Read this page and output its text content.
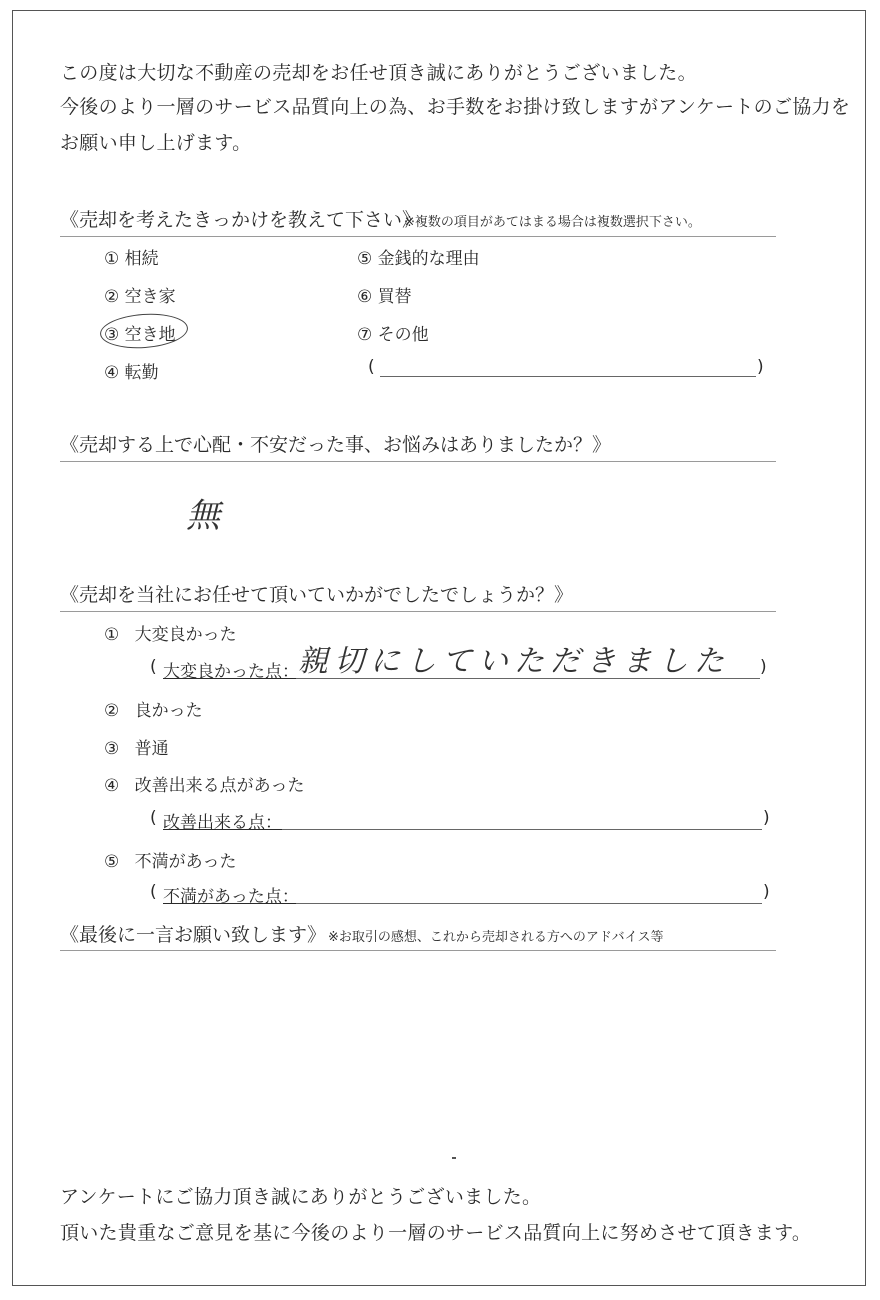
この度は大切な不動産の売却をお任せ頂き誠にありがとうございました。
今後のより一層のサービス品質向上の為、お手数をお掛け致しますがアンケートのご協力を
お願い申し上げます。
《売却を考えたきっかけを教えて下さい》
※複数の項目があてはまる場合は複数選択下さい。
① 相続
② 空き家
③ 空き地
④ 転勤
⑤ 金銭的な理由
⑥ 買替
⑦ その他
(	)
《売却する上で心配・不安だった事、お悩みはありましたか？》
無
《売却を当社にお任せて頂いていかがでしたでしょうか？》
① 大変良かった
( 大変良かった点： 親切にしていただきました )
② 良かった
③ 普通
④ 改善出来る点があった
( 改善出来る点：	)
⑤ 不満があった
( 不満があった点：	)
《最後に一言お願い致します》 ※お取引の感想、これから売却される方へのアドバイス等
アンケートにご協力頂き誠にありがとうございました。
頂いた貴重なご意見を基に今後のより一層のサービス品質向上に努めさせて頂きます。
